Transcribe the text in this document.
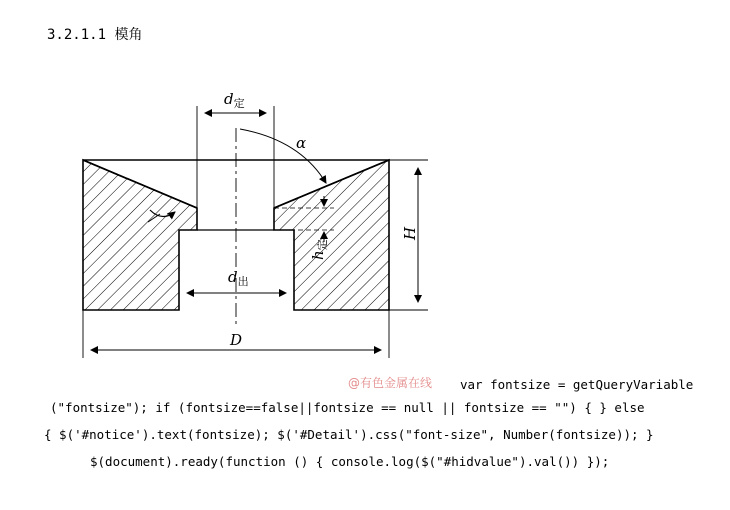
3.2.1.1 模角
$d_定$
α
H
$h_定$
$d_出$
D
@有色金属在线 var fontsize = getQueryVariable
("fontsize"); if (fontsize==false||fontsize == null || fontsize == "") { } else
{ $('#notice').text(fontsize); $('#Detail').css("font-size", Number(fontsize)); }
$(document).ready(function () { console.log($("#hidvalue").val()) });
